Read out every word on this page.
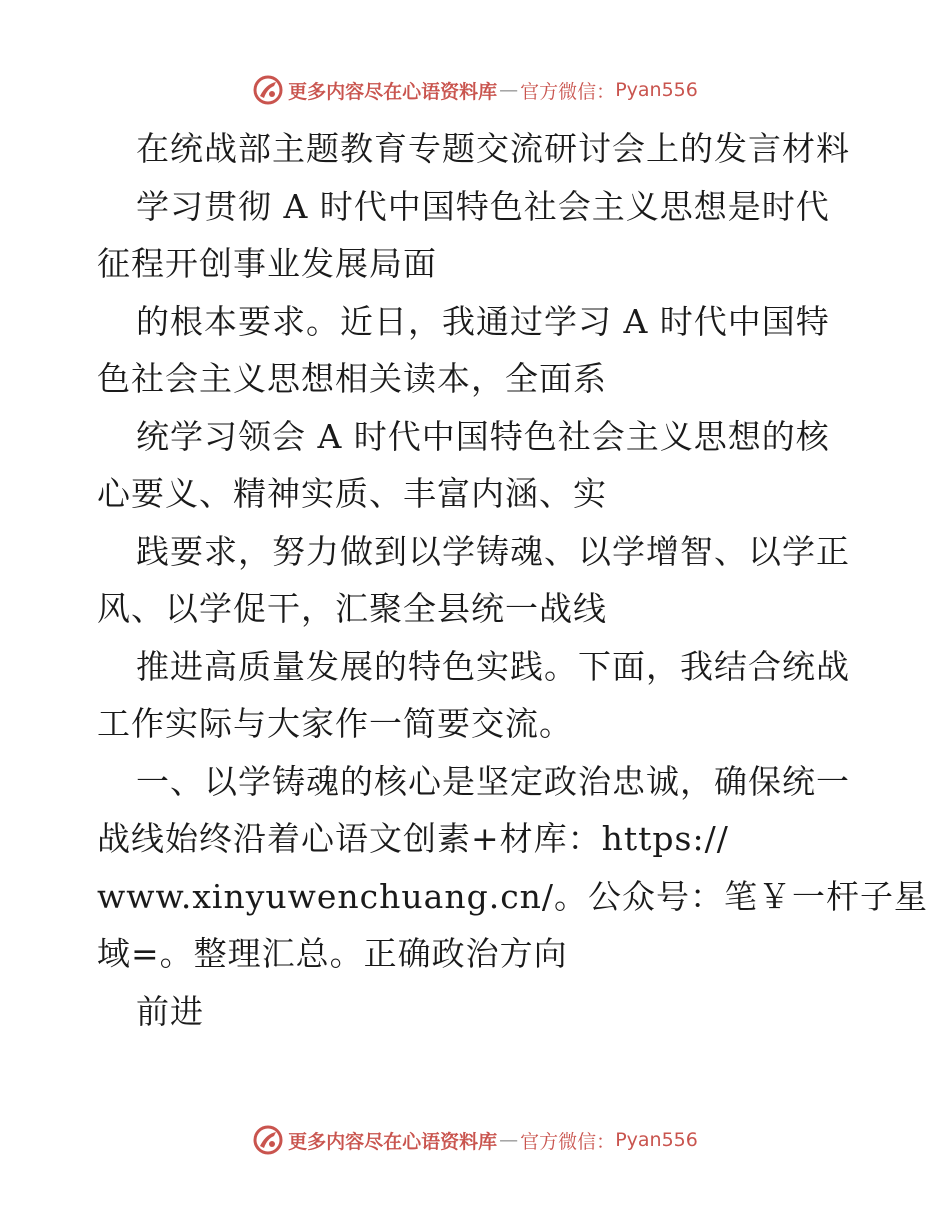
更多内容尽在心语资料库 — 官方微信： Pyan556

在统战部主题教育专题交流研讨会上的发言材料

学习贯彻 A 时代中国特色社会主义思想是时代

征程开创事业发展局面

的根本要求。近日，我通过学习 A 时代中国特

色社会主义思想相关读本，全面系

统学习领会 A 时代中国特色社会主义思想的核

心要义、精神实质、丰富内涵、实

践要求，努力做到以学铸魂、以学增智、以学正

风、以学促干，汇聚全县统一战线

推进高质量发展的特色实践。下面，我结合统战

工作实际与大家作一简要交流。

一、以学铸魂的核心是坚定政治忠诚，确保统一

战线始终沿着心语文创素+材库：https://

www.xinyuwenchuang.cn/。公众号：笔￥一杆子星

域=。整理汇总。正确政治方向

前进

更多内容尽在心语资料库 — 官方微信： Pyan556
